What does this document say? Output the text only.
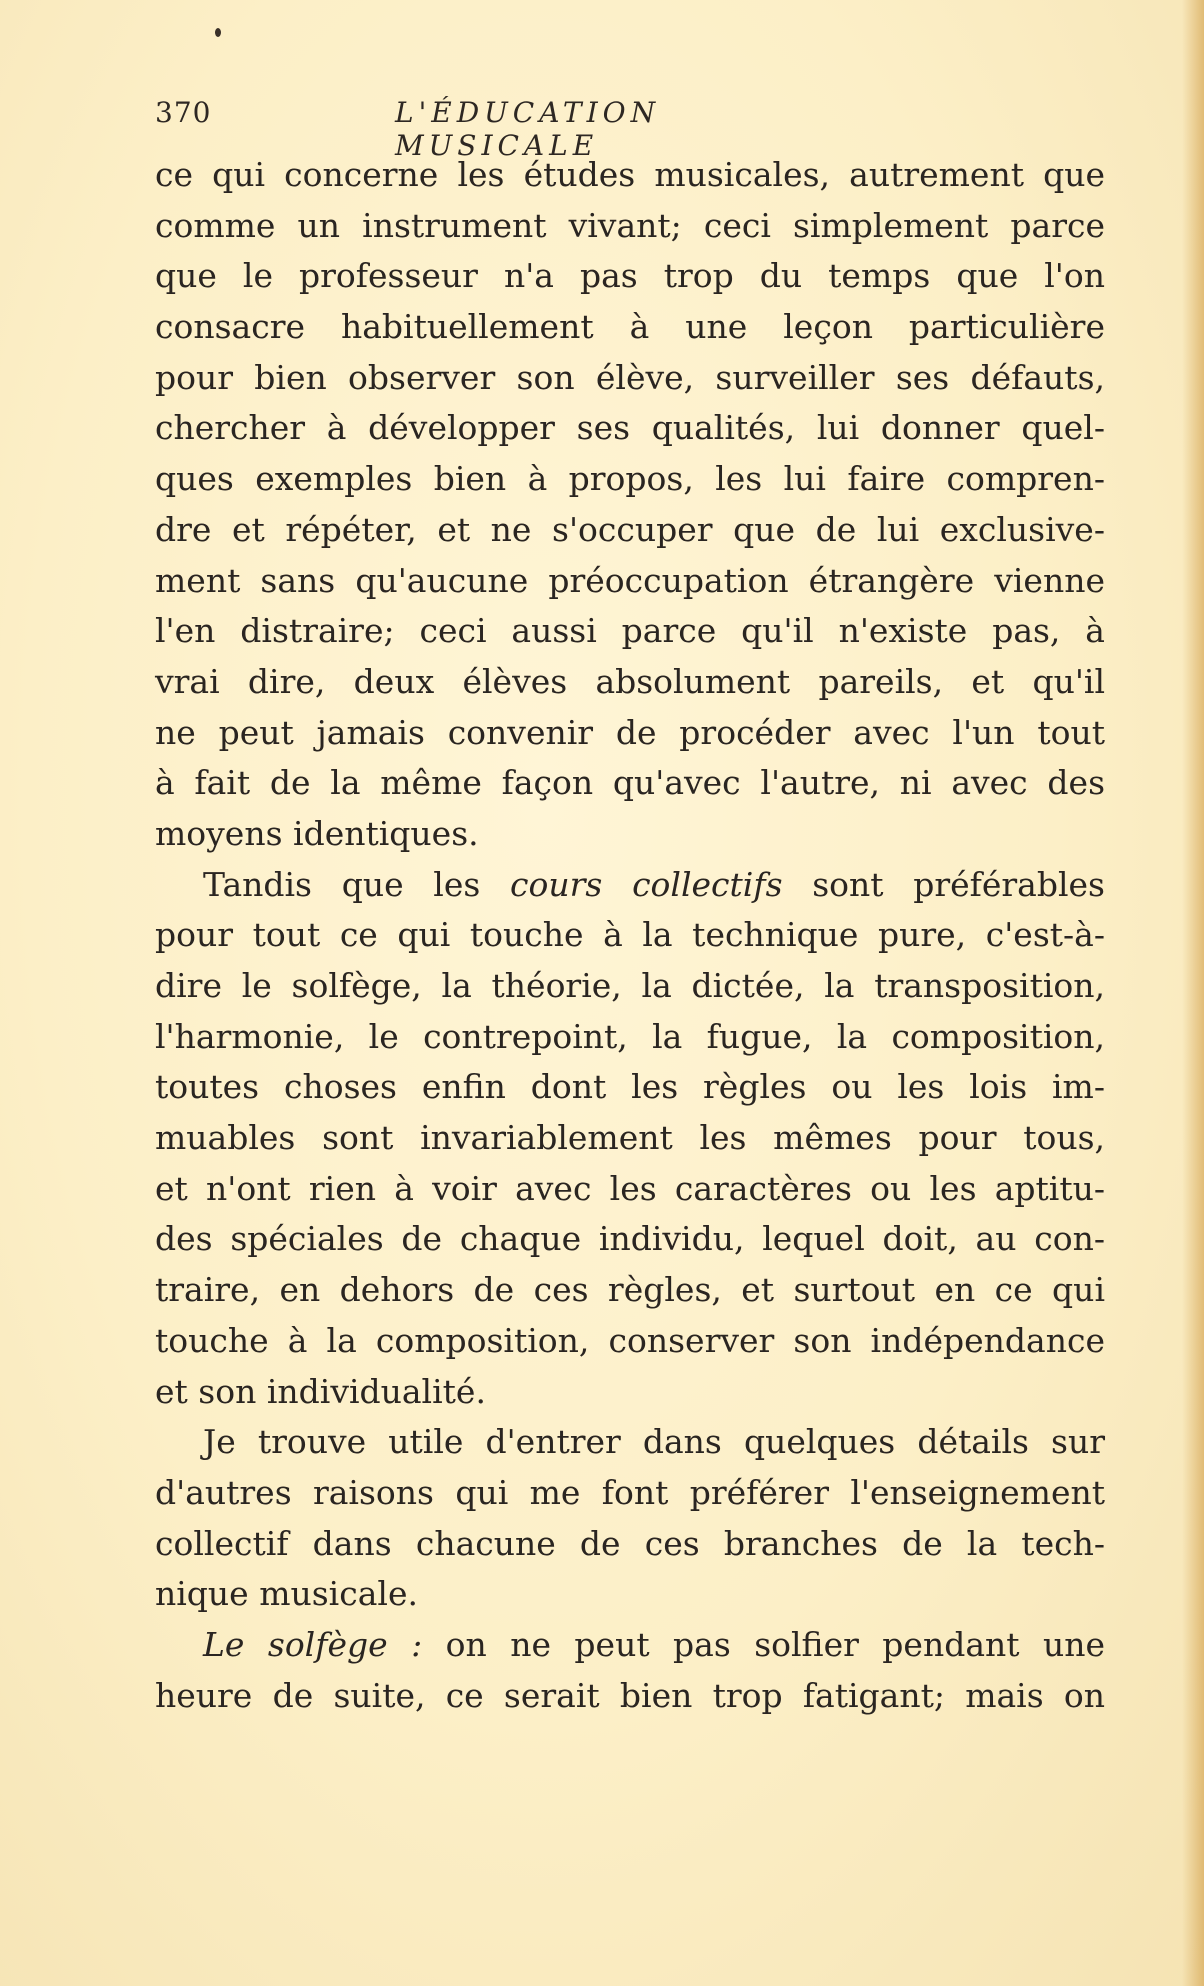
370	L'ÉDUCATION MUSICALE
ce qui concerne les études musicales, autrement que
comme un instrument vivant; ceci simplement parce
que le professeur n'a pas trop du temps que l'on
consacre habituellement à une leçon particulière
pour bien observer son élève, surveiller ses défauts,
chercher à développer ses qualités, lui donner quel-
ques exemples bien à propos, les lui faire compren-
dre et répéter, et ne s'occuper que de lui exclusive-
ment sans qu'aucune préoccupation étrangère vienne
l'en distraire; ceci aussi parce qu'il n'existe pas, à
vrai dire, deux élèves absolument pareils, et qu'il
ne peut jamais convenir de procéder avec l'un tout
à fait de la même façon qu'avec l'autre, ni avec des
moyens identiques.
Tandis que les cours collectifs sont préférables
pour tout ce qui touche à la technique pure, c'est-à-
dire le solfège, la théorie, la dictée, la transposition,
l'harmonie, le contrepoint, la fugue, la composition,
toutes choses enfin dont les règles ou les lois im-
muables sont invariablement les mêmes pour tous,
et n'ont rien à voir avec les caractères ou les aptitu-
des spéciales de chaque individu, lequel doit, au con-
traire, en dehors de ces règles, et surtout en ce qui
touche à la composition, conserver son indépendance
et son individualité.
Je trouve utile d'entrer dans quelques détails sur
d'autres raisons qui me font préférer l'enseignement
collectif dans chacune de ces branches de la tech-
nique musicale.
Le solfège : on ne peut pas solfier pendant une
heure de suite, ce serait bien trop fatigant; mais on
